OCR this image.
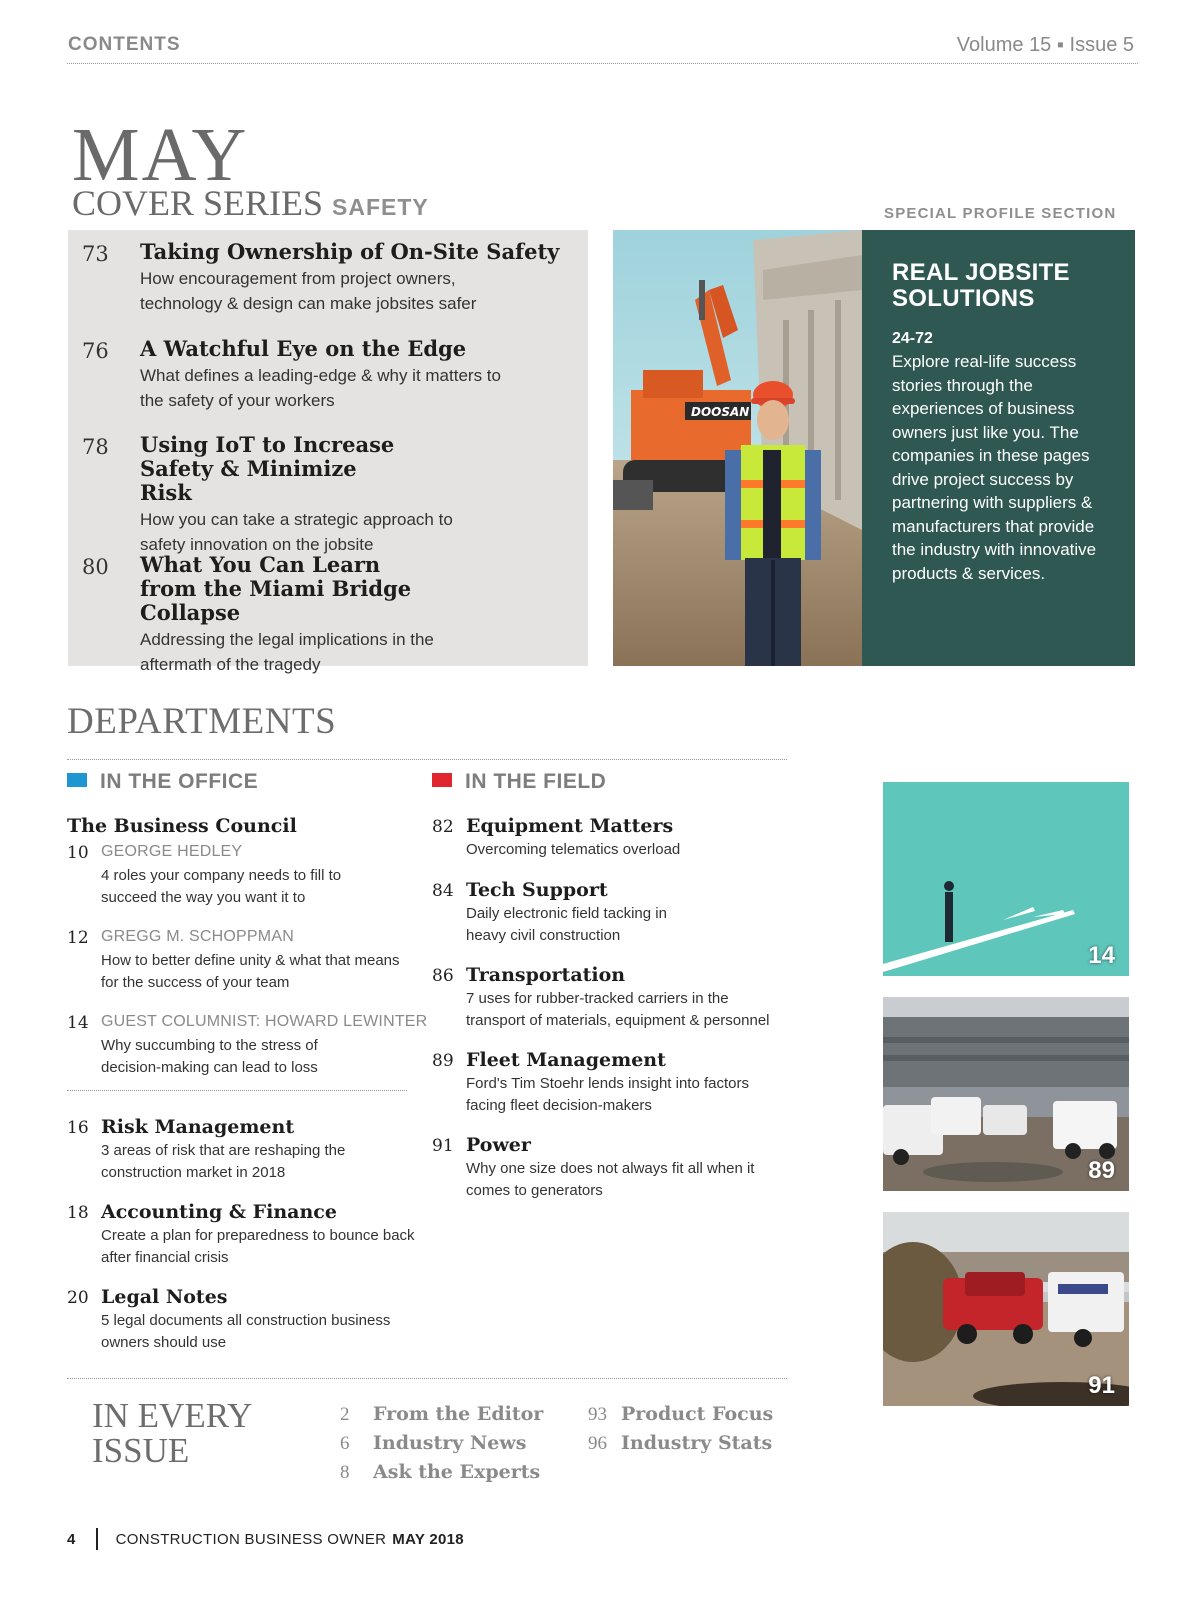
CONTENTS	Volume 15 ▪ Issue 5
MAY
COVER SERIES SAFETY	SPECIAL PROFILE SECTION
73 Taking Ownership of On-Site Safety
How encouragement from project owners,
technology & design can make jobsites safer
76 A Watchful Eye on the Edge
What defines a leading-edge & why it matters to
the safety of your workers
78 Using IoT to Increase Safety & Minimize Risk
How you can take a strategic approach to
safety innovation on the jobsite
80 What You Can Learn from the Miami Bridge Collapse
Addressing the legal implications in the
aftermath of the tragedy
DOOSAN
REAL JOBSITE SOLUTIONS
24-72
Explore real-life success stories through the experiences of business owners just like you. The companies in these pages drive project success by partnering with suppliers & manufacturers that provide the industry with innovative products & services.
DEPARTMENTS
IN THE OFFICE	IN THE FIELD
The Business Council
10 GEORGE HEDLEY
4 roles your company needs to fill to
succeed the way you want it to
12 GREGG M. SCHOPPMAN
How to better define unity & what that means
for the success of your team
14 GUEST COLUMNIST: HOWARD LEWINTER
Why succumbing to the stress of
decision-making can lead to loss
16 Risk Management
3 areas of risk that are reshaping the
construction market in 2018
18 Accounting & Finance
Create a plan for preparedness to bounce back
after financial crisis
20 Legal Notes
5 legal documents all construction business
owners should use
82 Equipment Matters
Overcoming telematics overload
84 Tech Support
Daily electronic field tacking in
heavy civil construction
86 Transportation
7 uses for rubber-tracked carriers in the
transport of materials, equipment & personnel
89 Fleet Management
Ford's Tim Stoehr lends insight into factors
facing fleet decision-makers
91 Power
Why one size does not always fit all when it
comes to generators
IN EVERY ISSUE
2 From the Editor
6 Industry News
8 Ask the Experts
93 Product Focus
96 Industry Stats
14
89
91
4	CONSTRUCTION BUSINESS OWNER MAY 2018
